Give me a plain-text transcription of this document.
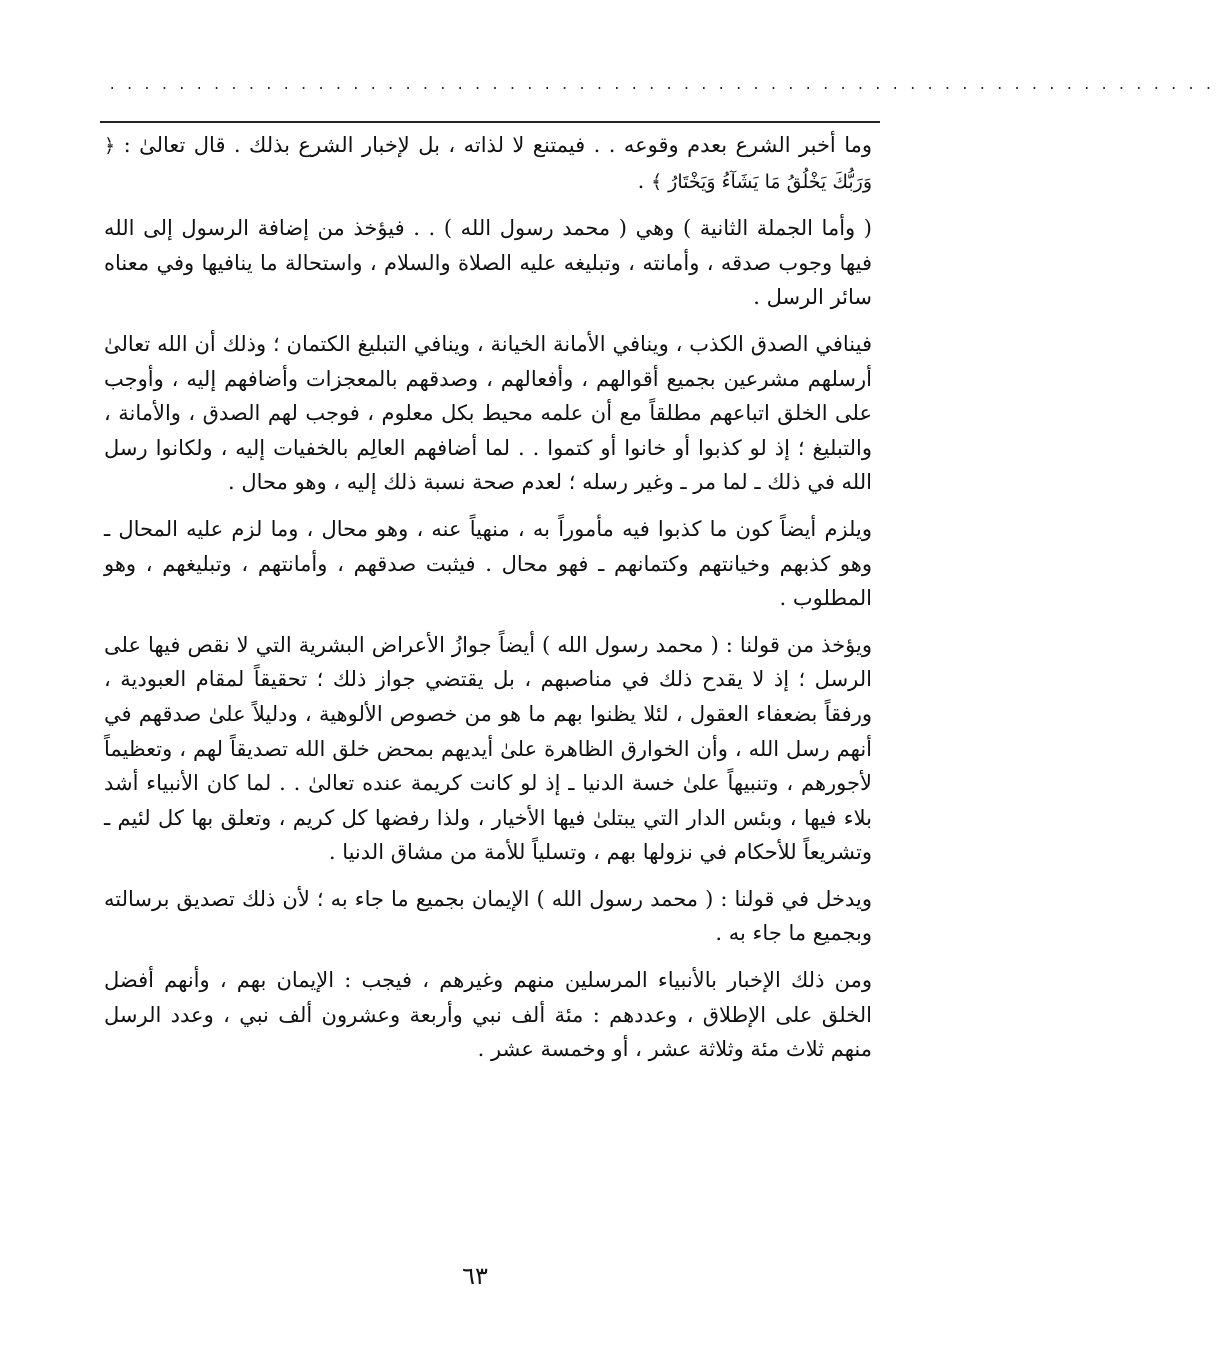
................................................................

وما أخبر الشرع بعدم وقوعه . . فيمتنع لا لذاته ، بل لإخبار الشرع بذلك . قال تعالىٰ : ﴿ وَرَبُّكَ يَخْلُقُ مَا يَشَآءُ وَيَخْتَارُ ﴾ .

( وأما الجملة الثانية ) وهي ( محمد رسول الله ) . . فيؤخذ من إضافة الرسول إلى الله فيها وجوب صدقه ، وأمانته ، وتبليغه عليه الصلاة والسلام ، واستحالة ما ينافيها وفي معناه سائر الرسل .

فينافي الصدق الكذب ، وينافي الأمانة الخيانة ، وينافي التبليغ الكتمان ؛ وذلك أن الله تعالىٰ أرسلهم مشرعين بجميع أقوالهم ، وأفعالهم ، وصدقهم بالمعجزات وأضافهم إليه ، وأوجب على الخلق اتباعهم مطلقاً مع أن علمه محيط بكل معلوم ، فوجب لهم الصدق ، والأمانة ، والتبليغ ؛ إذ لو كذبوا أو خانوا أو كتموا . . لما أضافهم العالِم بالخفيات إليه ، ولكانوا رسل الله في ذلك ـ لما مر ـ وغير رسله ؛ لعدم صحة نسبة ذلك إليه ، وهو محال .

ويلزم أيضاً كون ما كذبوا فيه مأموراً به ، منهياً عنه ، وهو محال ، وما لزم عليه المحال ـ وهو كذبهم وخيانتهم وكتمانهم ـ فهو محال . فيثبت صدقهم ، وأمانتهم ، وتبليغهم ، وهو المطلوب .

ويؤخذ من قولنا : ( محمد رسول الله ) أيضاً جوازُ الأعراض البشرية التي لا نقص فيها على الرسل ؛ إذ لا يقدح ذلك في مناصبهم ، بل يقتضي جواز ذلك ؛ تحقيقاً لمقام العبودية ، ورفقاً بضعفاء العقول ، لئلا يظنوا بهم ما هو من خصوص الألوهية ، ودليلاً علىٰ صدقهم في أنهم رسل الله ، وأن الخوارق الظاهرة علىٰ أيديهم بمحض خلق الله تصديقاً لهم ، وتعظيماً لأجورهم ، وتنبيهاً علىٰ خسة الدنيا ـ إذ لو كانت كريمة عنده تعالىٰ . . لما كان الأنبياء أشد بلاء فيها ، وبئس الدار التي يبتلىٰ فيها الأخيار ، ولذا رفضها كل كريم ، وتعلق بها كل لئيم ـ وتشريعاً للأحكام في نزولها بهم ، وتسلياً للأمة من مشاق الدنيا .

ويدخل في قولنا : ( محمد رسول الله ) الإيمان بجميع ما جاء به ؛ لأن ذلك تصديق برسالته وبجميع ما جاء به .

ومن ذلك الإخبار بالأنبياء المرسلين منهم وغيرهم ، فيجب : الإيمان بهم ، وأنهم أفضل الخلق على الإطلاق ، وعددهم : مئة ألف نبي وأربعة وعشرون ألف نبي ، وعدد الرسل منهم ثلاث مئة وثلاثة عشر ، أو وخمسة عشر .

٦٣
